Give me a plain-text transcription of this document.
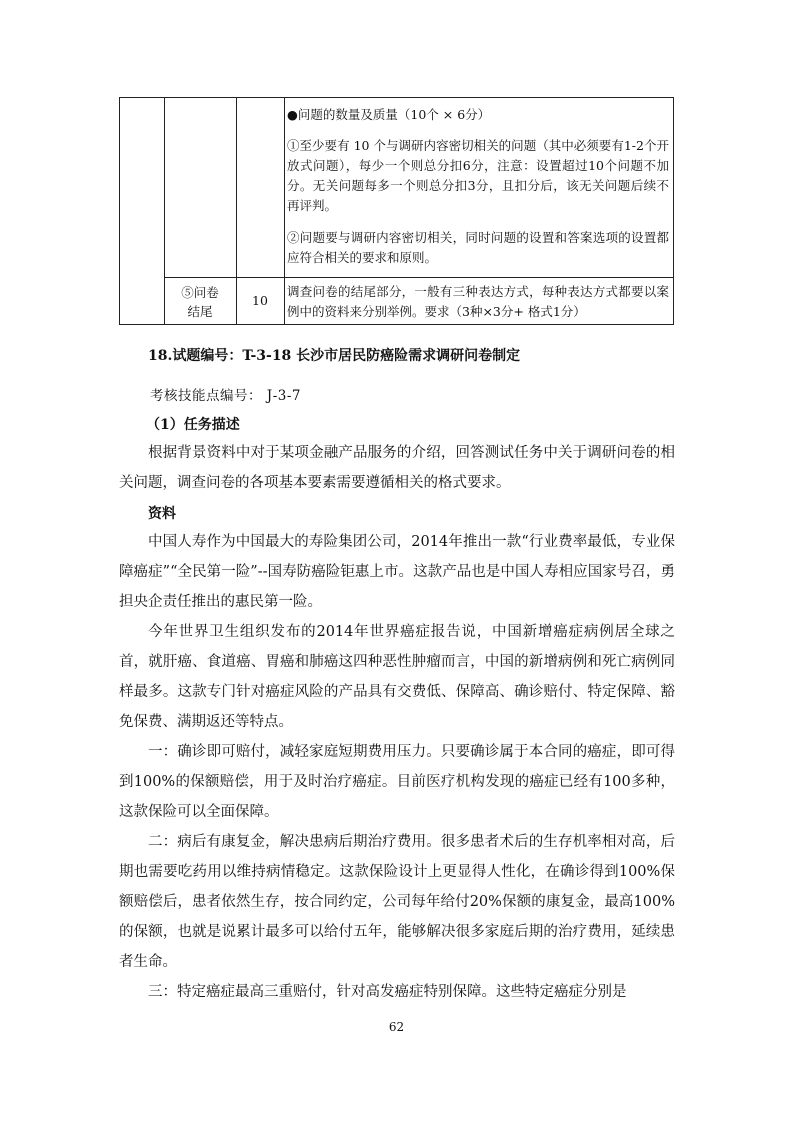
●问题的数量及质量（10个 × 6分）
①至少要有 10 个与调研内容密切相关的问题（其中必须要有1-2个开放式问题），每少一个则总分扣6分，注意：设置超过10个问题不加分。无关问题每多一个则总分扣3分，且扣分后，该无关问题后续不再评判。
②问题要与调研内容密切相关，同时问题的设置和答案选项的设置都应符合相关的要求和原则。
⑤问卷
结尾
10
调查问卷的结尾部分，一般有三种表达方式，每种表达方式都要以案例中的资料来分别举例。要求（3种×3分+ 格式1分）
18.试题编号：T-3-18 长沙市居民防癌险需求调研问卷制定
考核技能点编号： J-3-7
（1）任务描述
根据背景资料中对于某项金融产品服务的介绍，回答测试任务中关于调研问卷的相关问题，调查问卷的各项基本要素需要遵循相关的格式要求。
资料
中国人寿作为中国最大的寿险集团公司，2014年推出一款“行业费率最低，专业保障癌症”“全民第一险”--国寿防癌险钜惠上市。这款产品也是中国人寿相应国家号召，勇担央企责任推出的惠民第一险。
今年世界卫生组织发布的2014年世界癌症报告说，中国新增癌症病例居全球之首，就肝癌、食道癌、胃癌和肺癌这四种恶性肿瘤而言，中国的新增病例和死亡病例同样最多。这款专门针对癌症风险的产品具有交费低、保障高、确诊赔付、特定保障、豁免保费、满期返还等特点。
一：确诊即可赔付，减轻家庭短期费用压力。只要确诊属于本合同的癌症，即可得到100%的保额赔偿，用于及时治疗癌症。目前医疗机构发现的癌症已经有100多种，这款保险可以全面保障。
二：病后有康复金，解决患病后期治疗费用。很多患者术后的生存机率相对高，后期也需要吃药用以维持病情稳定。这款保险设计上更显得人性化，在确诊得到100%保额赔偿后，患者依然生存，按合同约定，公司每年给付20%保额的康复金，最高100%的保额，也就是说累计最多可以给付五年，能够解决很多家庭后期的治疗费用，延续患者生命。
三：特定癌症最高三重赔付，针对高发癌症特别保障。这些特定癌症分别是
62
